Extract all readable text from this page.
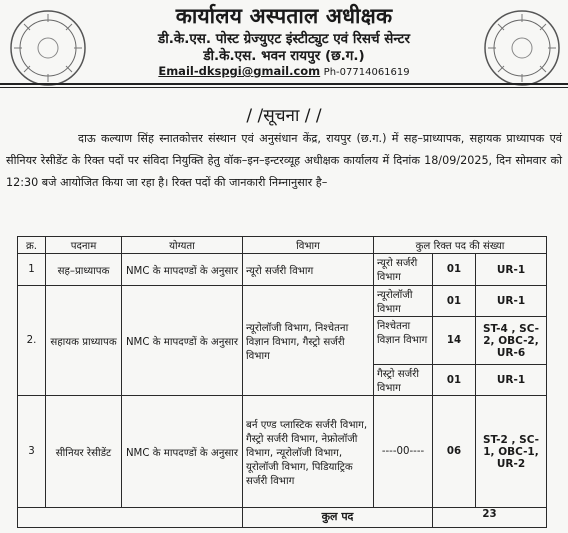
कार्यालय अस्पताल अधीक्षक
डी.के.एस. पोस्ट ग्रेज्युएट इंस्टीट्युट एवं रिसर्च सेन्टर
डी.के.एस. भवन रायपुर (छ.ग.)
Email-dkspgi@gmail.com Ph-07714061619
/ /सूचना / /

दाऊ कल्याण सिंह स्नातकोत्तर संस्थान एवं अनुसंधान केंद्र, रायपुर (छ.ग.) में सह–प्राध्यापक, सहायक प्राध्यापक एवं सीनियर रेसीडेंट के रिक्त पदों पर संविदा नियुक्ति हेतु वॉक–इन–इन्टरव्यूह अधीक्षक कार्यालय में दिनांक 18/09/2025, दिन सोमवार को 12:30 बजे आयोजित किया जा रहा है। रिक्त पदों की जानकारी निम्नानुसार है–

क्र.	पदनाम	योग्यता	विभाग	कुल रिक्त पद की संख्या		
1	सह–प्राध्यापक	NMC के मापदण्डों के अनुसार	न्यूरो सर्जरी विभाग	न्यूरो सर्जरी विभाग	01	UR-1
2.	सहायक प्राध्यापक	NMC के मापदण्डों के अनुसार	न्यूरोलॉजी विभाग, निश्चेतना विज्ञान विभाग, गैस्ट्रो सर्जरी विभाग	न्यूरोलॉजी विभाग	01	UR-1
				निश्चेतना विज्ञान विभाग	14	ST-4 , SC-2, OBC-2, UR-6
				गैस्ट्रो सर्जरी विभाग	01	UR-1
3	सीनियर रेसीडेंट	NMC के मापदण्डों के अनुसार	बर्न एण्ड प्लास्टिक सर्जरी विभाग, गैस्ट्रो सर्जरी विभाग, नेफ्रोलॉजी विभाग, न्यूरोलॉजी विभाग, यूरोलॉजी विभाग, पिडियाट्रिक सर्जरी विभाग	----00----	06	ST-2 , SC-1, OBC-1, UR-2
			कुल पद		23	
